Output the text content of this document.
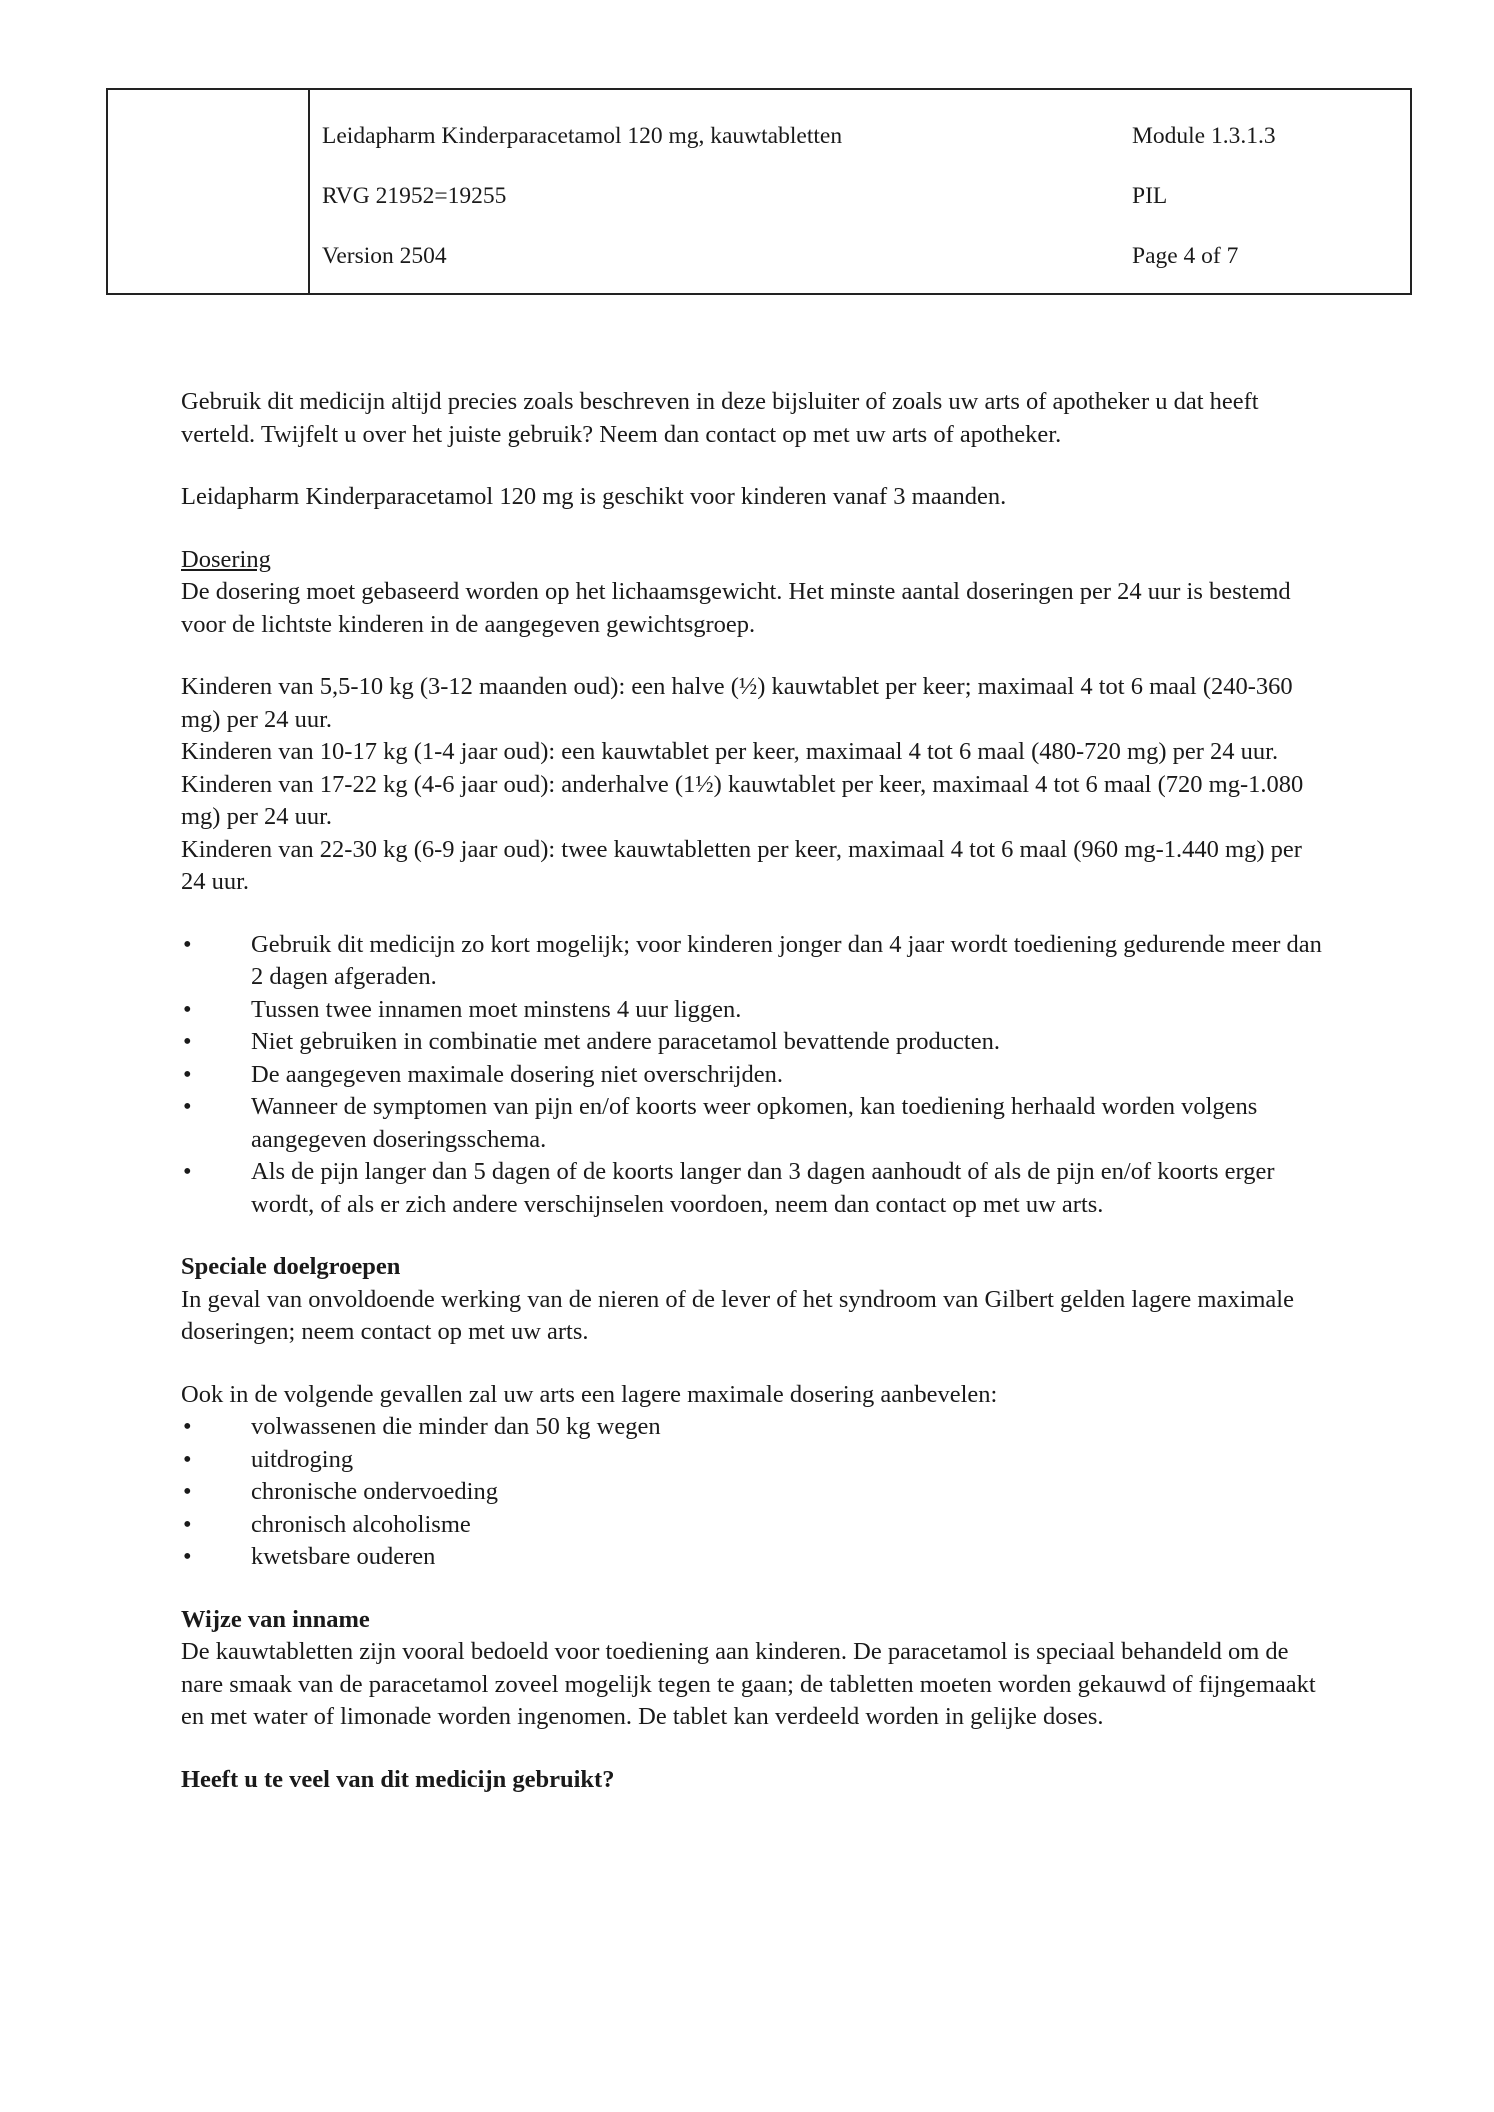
Leidapharm Kinderparacetamol 120 mg, kauwtabletten
RVG 21952=19255
Version 2504
Module 1.3.1.3
PIL
Page 4 of 7

Gebruik dit medicijn altijd precies zoals beschreven in deze bijsluiter of zoals uw arts of apotheker u dat heeft verteld. Twijfelt u over het juiste gebruik? Neem dan contact op met uw arts of apotheker.

Leidapharm Kinderparacetamol 120 mg is geschikt voor kinderen vanaf 3 maanden.

Dosering

De dosering moet gebaseerd worden op het lichaamsgewicht. Het minste aantal doseringen per 24 uur is bestemd voor de lichtste kinderen in de aangegeven gewichtsgroep.

Kinderen van 5,5-10 kg (3-12 maanden oud): een halve (½) kauwtablet per keer; maximaal 4 tot 6 maal (240-360 mg) per 24 uur.

Kinderen van 10-17 kg (1-4 jaar oud): een kauwtablet per keer, maximaal 4 tot 6 maal (480-720 mg) per 24 uur.

Kinderen van 17-22 kg (4-6 jaar oud): anderhalve (1½) kauwtablet per keer, maximaal 4 tot 6 maal (720 mg-1.080 mg) per 24 uur.

Kinderen van 22-30 kg (6-9 jaar oud): twee kauwtabletten per keer, maximaal 4 tot 6 maal (960 mg-1.440 mg) per 24 uur.

• Gebruik dit medicijn zo kort mogelijk; voor kinderen jonger dan 4 jaar wordt toediening gedurende meer dan 2 dagen afgeraden.
• Tussen twee innamen moet minstens 4 uur liggen.
• Niet gebruiken in combinatie met andere paracetamol bevattende producten.
• De aangegeven maximale dosering niet overschrijden.
• Wanneer de symptomen van pijn en/of koorts weer opkomen, kan toediening herhaald worden volgens aangegeven doseringsschema.
• Als de pijn langer dan 5 dagen of de koorts langer dan 3 dagen aanhoudt of als de pijn en/of koorts erger wordt, of als er zich andere verschijnselen voordoen, neem dan contact op met uw arts.

Speciale doelgroepen

In geval van onvoldoende werking van de nieren of de lever of het syndroom van Gilbert gelden lagere maximale doseringen; neem contact op met uw arts.

Ook in de volgende gevallen zal uw arts een lagere maximale dosering aanbevelen:

• volwassenen die minder dan 50 kg wegen
• uitdroging
• chronische ondervoeding
• chronisch alcoholisme
• kwetsbare ouderen

Wijze van inname

De kauwtabletten zijn vooral bedoeld voor toediening aan kinderen. De paracetamol is speciaal behandeld om de nare smaak van de paracetamol zoveel mogelijk tegen te gaan; de tabletten moeten worden gekauwd of fijngemaakt en met water of limonade worden ingenomen. De tablet kan verdeeld worden in gelijke doses.

Heeft u te veel van dit medicijn gebruikt?
